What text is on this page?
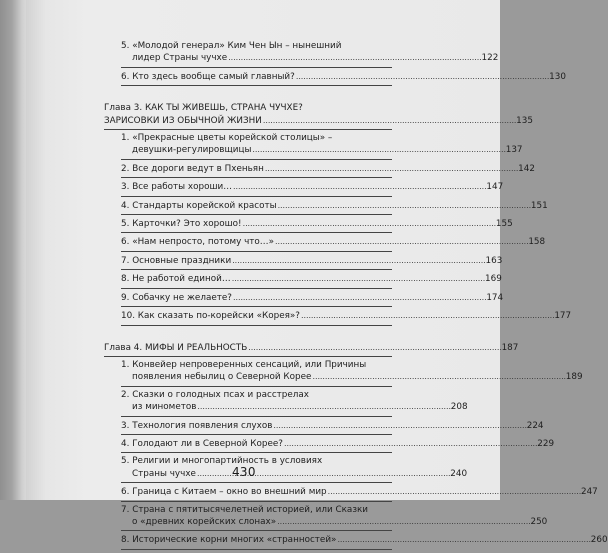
5. «Молодой генерал» Ким Чен Ын – нынешний
лидер Страны чучхе . . .	122
6. Кто здесь вообще самый главный? . . .	130
Глава 3. КАК ТЫ ЖИВЕШЬ, СТРАНА ЧУЧХЕ?
ЗАРИСОВКИ ИЗ ОБЫЧНОЙ ЖИЗНИ . . .	135
1. «Прекрасные цветы корейской столицы» –
девушки-регулировщицы . . .	137
2. Все дороги ведут в Пхеньян . . .	142
3. Все работы хороши… . . .	147
4. Стандарты корейской красоты . . .	151
5. Карточки? Это хорошо! . . .	155
6. «Нам непросто, потому что…» . . .	158
7. Основные праздники . . .	163
8. Не работой единой… . . .	169
9. Собачку не желаете? . . .	174
10. Как сказать по-корейски «Корея»? . . .	177
Глава 4. МИФЫ И РЕАЛЬНОСТЬ . . .	187
1. Конвейер непроверенных сенсаций, или Причины
появления небылиц о Северной Корее . . .	189
2. Сказки о голодных псах и расстрелах
из минометов . . .	208
3. Технология появления слухов . . .	224
4. Голодают ли в Северной Корее? . . .	229
5. Религии и многопартийность в условиях
Страны чучхе . . .	240
6. Граница с Китаем – окно во внешний мир . . .	247
7. Страна с пятитысячелетней историей, или Сказки
о «древних корейских слонах» . . .	250
8. Исторические корни многих «странностей» . . .	260
430
